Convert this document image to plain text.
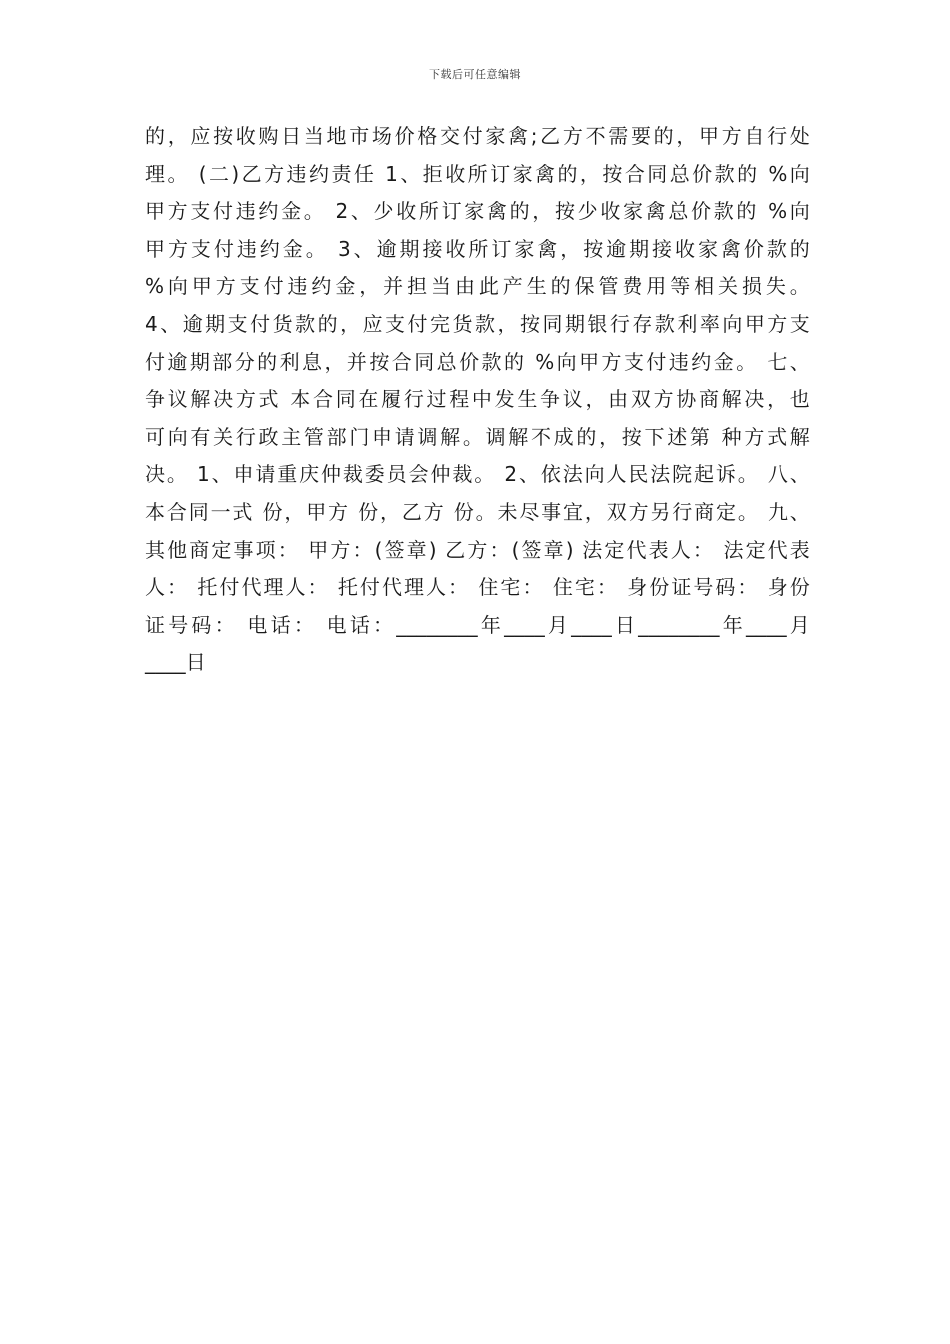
下载后可任意编辑
的，应按收购日当地市场价格交付家禽;乙方不需要的，甲方自行处
理。 (二)乙方违约责任 1、拒收所订家禽的，按合同总价款的 %向
甲方支付违约金。 2、少收所订家禽的，按少收家禽总价款的 %向
甲方支付违约金。 3、逾期接收所订家禽，按逾期接收家禽价款的
%向甲方支付违约金，并担当由此产生的保管费用等相关损失。
4、逾期支付货款的，应支付完货款，按同期银行存款利率向甲方支
付逾期部分的利息，并按合同总价款的 %向甲方支付违约金。 七、
争议解决方式 本合同在履行过程中发生争议，由双方协商解决，也
可向有关行政主管部门申请调解。调解不成的，按下述第 种方式解
决。 1、申请重庆仲裁委员会仲裁。 2、依法向人民法院起诉。 八、
本合同一式 份，甲方 份，乙方 份。未尽事宜，双方另行商定。 九、
其他商定事项： 甲方：(签章) 乙方：(签章) 法定代表人： 法定代表
人： 托付代理人： 托付代理人： 住宅： 住宅： 身份证号码： 身份
证号码： 电话： 电话：________年____月____日________年____月
____日
